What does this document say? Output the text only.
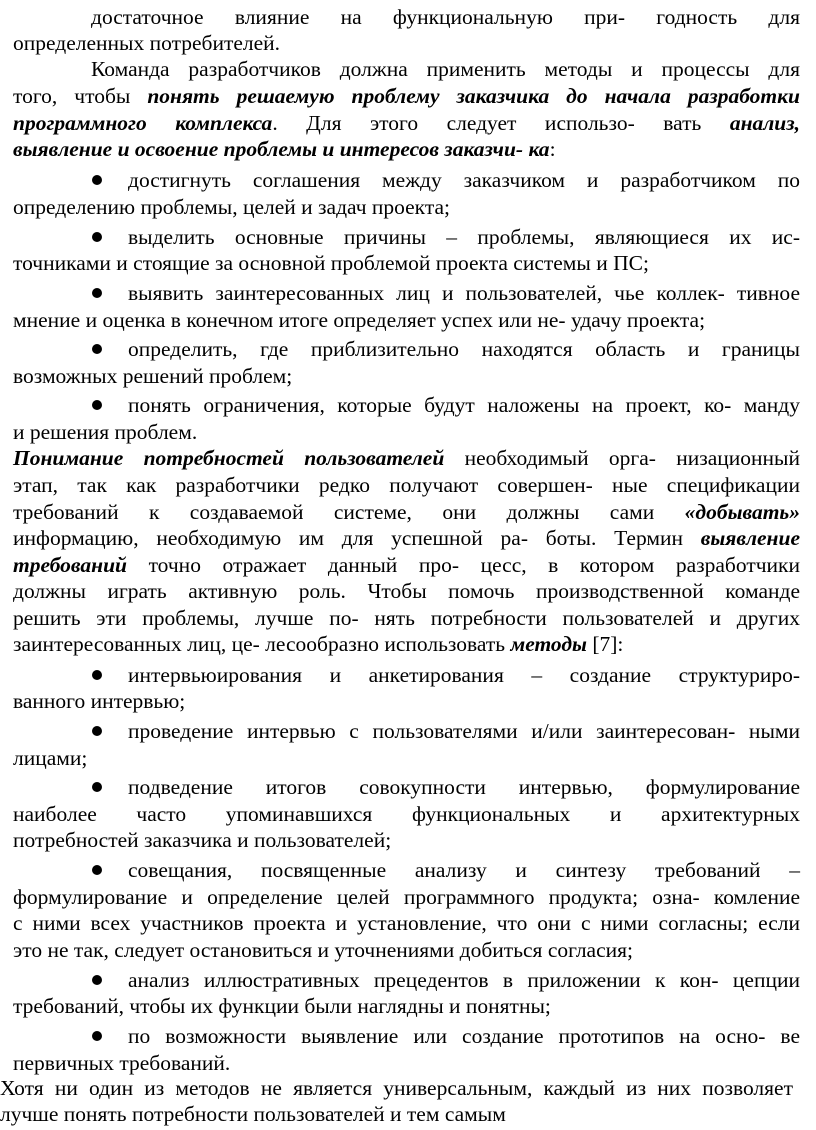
достаточное влияние на функциональную при- годность для
определенных потребителей.
Команда разработчиков должна применить методы и процессы для
того, чтобы понять решаемую проблему заказчика до начала разработки
программного комплекса. Для этого следует использо- вать анализ,
выявление и освоение проблемы и интересов заказчи- ка:
достигнуть соглашения между заказчиком и разработчиком по
определению проблемы, целей и задач проекта;
выделить основные причины – проблемы, являющиеся их ис-
точниками и стоящие за основной проблемой проекта системы и ПС;
выявить заинтересованных лиц и пользователей, чье коллек- тивное
мнение и оценка в конечном итоге определяет успех или не- удачу проекта;
определить, где приблизительно находятся область и границы
возможных решений проблем;
понять ограничения, которые будут наложены на проект, ко- манду
и решения проблем.
Понимание потребностей пользователей необходимый орга- низационный
этап, так как разработчики редко получают совершен- ные спецификации
требований к создаваемой системе, они должны сами «добывать»
информацию, необходимую им для успешной ра- боты. Термин выявление
требований точно отражает данный про- цесс, в котором разработчики
должны играть активную роль. Чтобы помочь производственной команде
решить эти проблемы, лучше по- нять потребности пользователей и других
заинтересованных лиц, це- лесообразно использовать методы [7]:
интервьюирования и анкетирования – создание структуриро-
ванного интервью;
проведение интервью с пользователями и/или заинтересован- ными
лицами;
подведение итогов совокупности интервью, формулирование
наиболее часто упоминавшихся функциональных и архитектурных
потребностей заказчика и пользователей;
совещания, посвященные анализу и синтезу требований –
формулирование и определение целей программного продукта; озна- комление
с ними всех участников проекта и установление, что они с ними согласны; если
это не так, следует остановиться и уточнениями добиться согласия;
анализ иллюстративных прецедентов в приложении к кон- цепции
требований, чтобы их функции были наглядны и понятны;
по возможности выявление или создание прототипов на осно- ве
первичных требований.
Хотя ни один из методов не является универсальным, каждый из них позволяет
лучше понять потребности пользователей и тем самым
